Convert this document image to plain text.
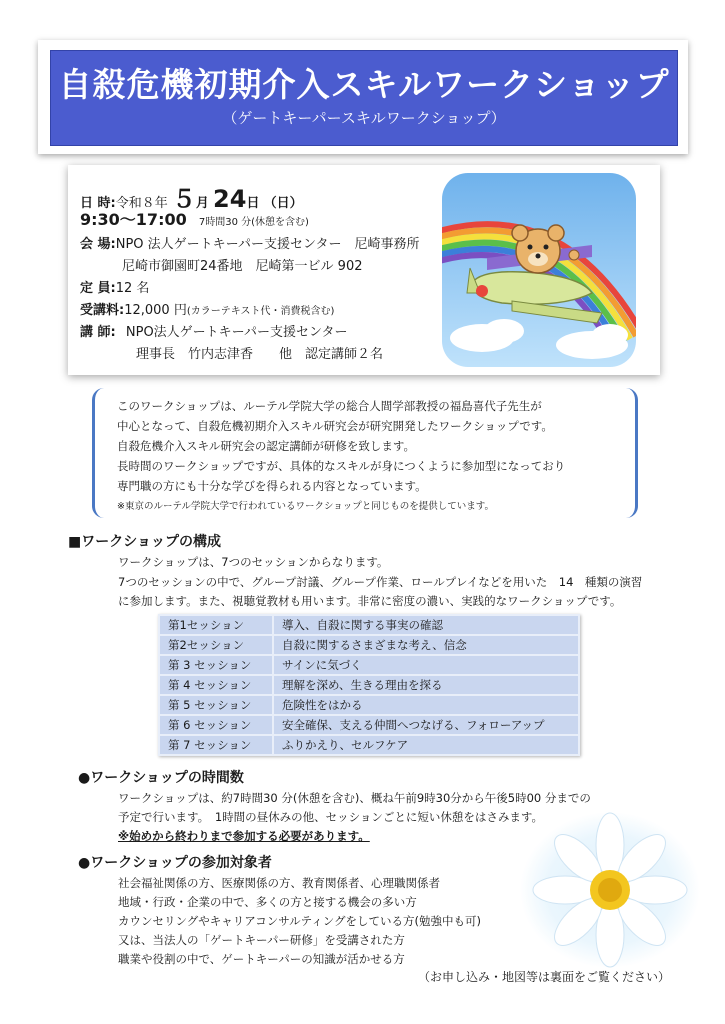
自殺危機初期介入スキルワークショップ
（ゲートキーパースキルワークショップ）
日 時:令和８年 ５月 24日 （日）
9:30〜17:00 7時間30 分(休憩を含む)
会 場:NPO 法人ゲートキーパー支援センター　尼崎事務所
尼崎市御園町24番地　尼崎第一ビル 902
定 員:12 名
受講料:12,000 円(カラーテキスト代・消費税含む)
講 師: NPO法人ゲートキーパー支援センター
理事長　竹内志津香　　他　認定講師２名
このワークショップは、ルーテル学院大学の総合人間学部教授の福島喜代子先生が
中心となって、自殺危機初期介入スキル研究会が研究開発したワークショップです。
自殺危機介入スキル研究会の認定講師が研修を致します。
長時間のワークショップですが、具体的なスキルが身につくように参加型になっており
専門職の方にも十分な学びを得られる内容となっています。
※東京のルーテル学院大学で行われているワークショップと同じものを提供しています。
■ワークショップの構成
ワークショップは、7つのセッションからなります。
7つのセッションの中で、グループ討議、グループ作業、ロールプレイなどを用いた　14　種類の演習
に参加します。また、視聴覚教材も用います。非常に密度の濃い、実践的なワークショップです。
第1セッション	導入、自殺に関する事実の確認
第2セッション	自殺に関するさまざまな考え、信念
第 3 セッション	サインに気づく
第 4 セッション	理解を深め、生きる理由を探る
第 5 セッション	危険性をはかる
第 6 セッション	安全確保、支える仲間へつなげる、フォローアップ
第 7 セッション	ふりかえり、セルフケア
●ワークショップの時間数
ワークショップは、約7時間30 分(休憩を含む)、概ね午前9時30分から午後5時00 分までの
予定で行います。　1時間の昼休みの他、セッションごとに短い休憩をはさみます。
※始めから終わりまで参加する必要があります。
●ワークショップの参加対象者
社会福祉関係の方、医療関係の方、教育関係者、心理職関係者
地域・行政・企業の中で、多くの方と接する機会の多い方
カウンセリングやキャリアコンサルティングをしている方(勉強中も可)
又は、当法人の「ゲートキーパー研修」を受講された方
職業や役割の中で、ゲートキーパーの知識が活かせる方
（お申し込み・地図等は裏面をご覧ください）
